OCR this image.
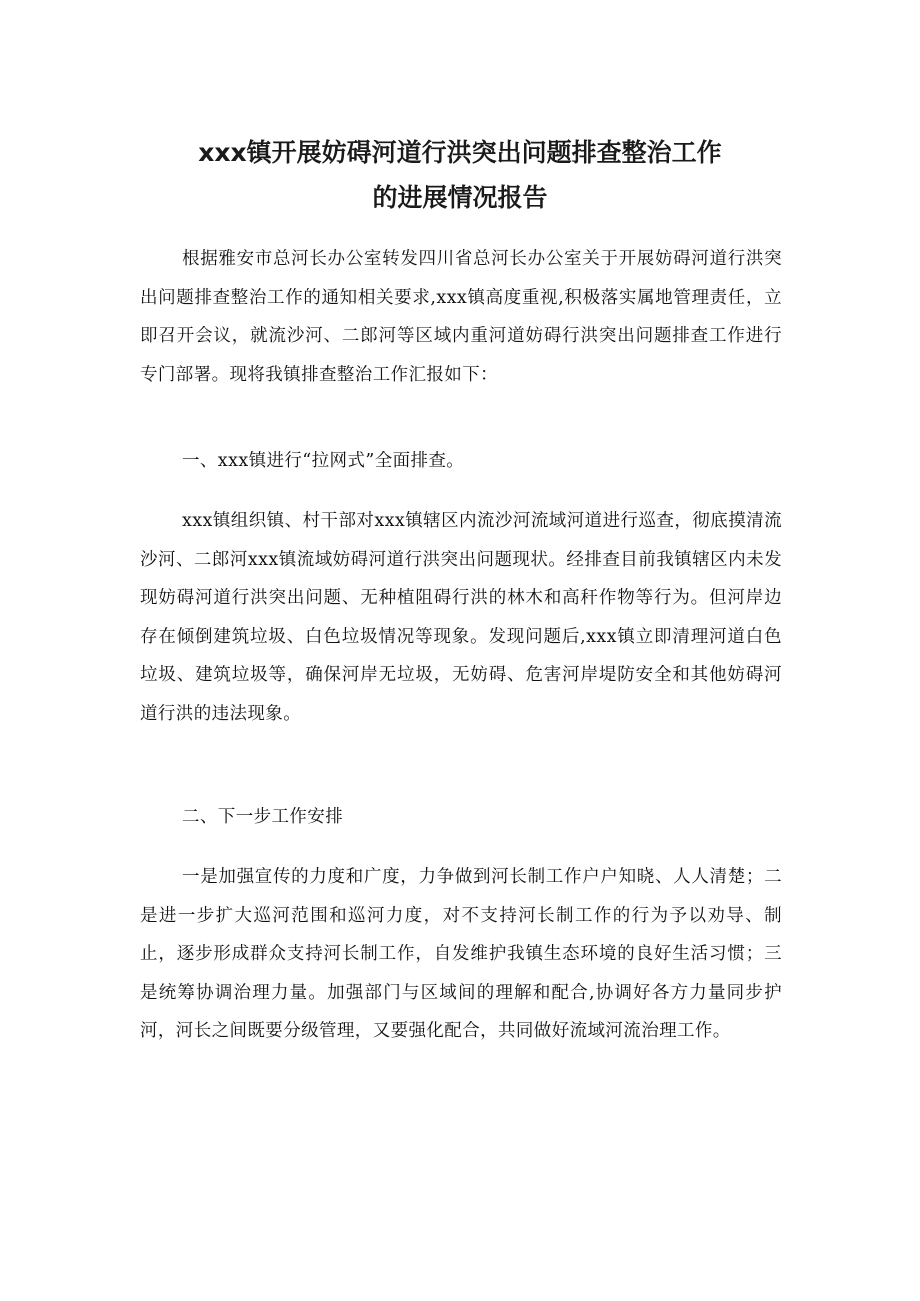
xxx镇开展妨碍河道行洪突出问题排查整治工作
的进展情况报告

根据雅安市总河长办公室转发四川省总河长办公室关于开展妨碍河道行洪突出问题排查整治工作的通知相关要求,xxx镇高度重视,积极落实属地管理责任，立即召开会议，就流沙河、二郎河等区域内重河道妨碍行洪突出问题排查工作进行专门部署。现将我镇排查整治工作汇报如下：

一、xxx镇进行“拉网式”全面排查。

xxx镇组织镇、村干部对xxx镇辖区内流沙河流域河道进行巡查，彻底摸清流沙河、二郎河xxx镇流域妨碍河道行洪突出问题现状。经排查目前我镇辖区内未发现妨碍河道行洪突出问题、无种植阻碍行洪的林木和高秆作物等行为。但河岸边存在倾倒建筑垃圾、白色垃圾情况等现象。发现问题后,xxx镇立即清理河道白色垃圾、建筑垃圾等，确保河岸无垃圾，无妨碍、危害河岸堤防安全和其他妨碍河道行洪的违法现象。

二、下一步工作安排

一是加强宣传的力度和广度，力争做到河长制工作户户知晓、人人清楚；二是进一步扩大巡河范围和巡河力度，对不支持河长制工作的行为予以劝导、制止，逐步形成群众支持河长制工作，自发维护我镇生态环境的良好生活习惯；三是统筹协调治理力量。加强部门与区域间的理解和配合,协调好各方力量同步护河，河长之间既要分级管理，又要强化配合，共同做好流域河流治理工作。
